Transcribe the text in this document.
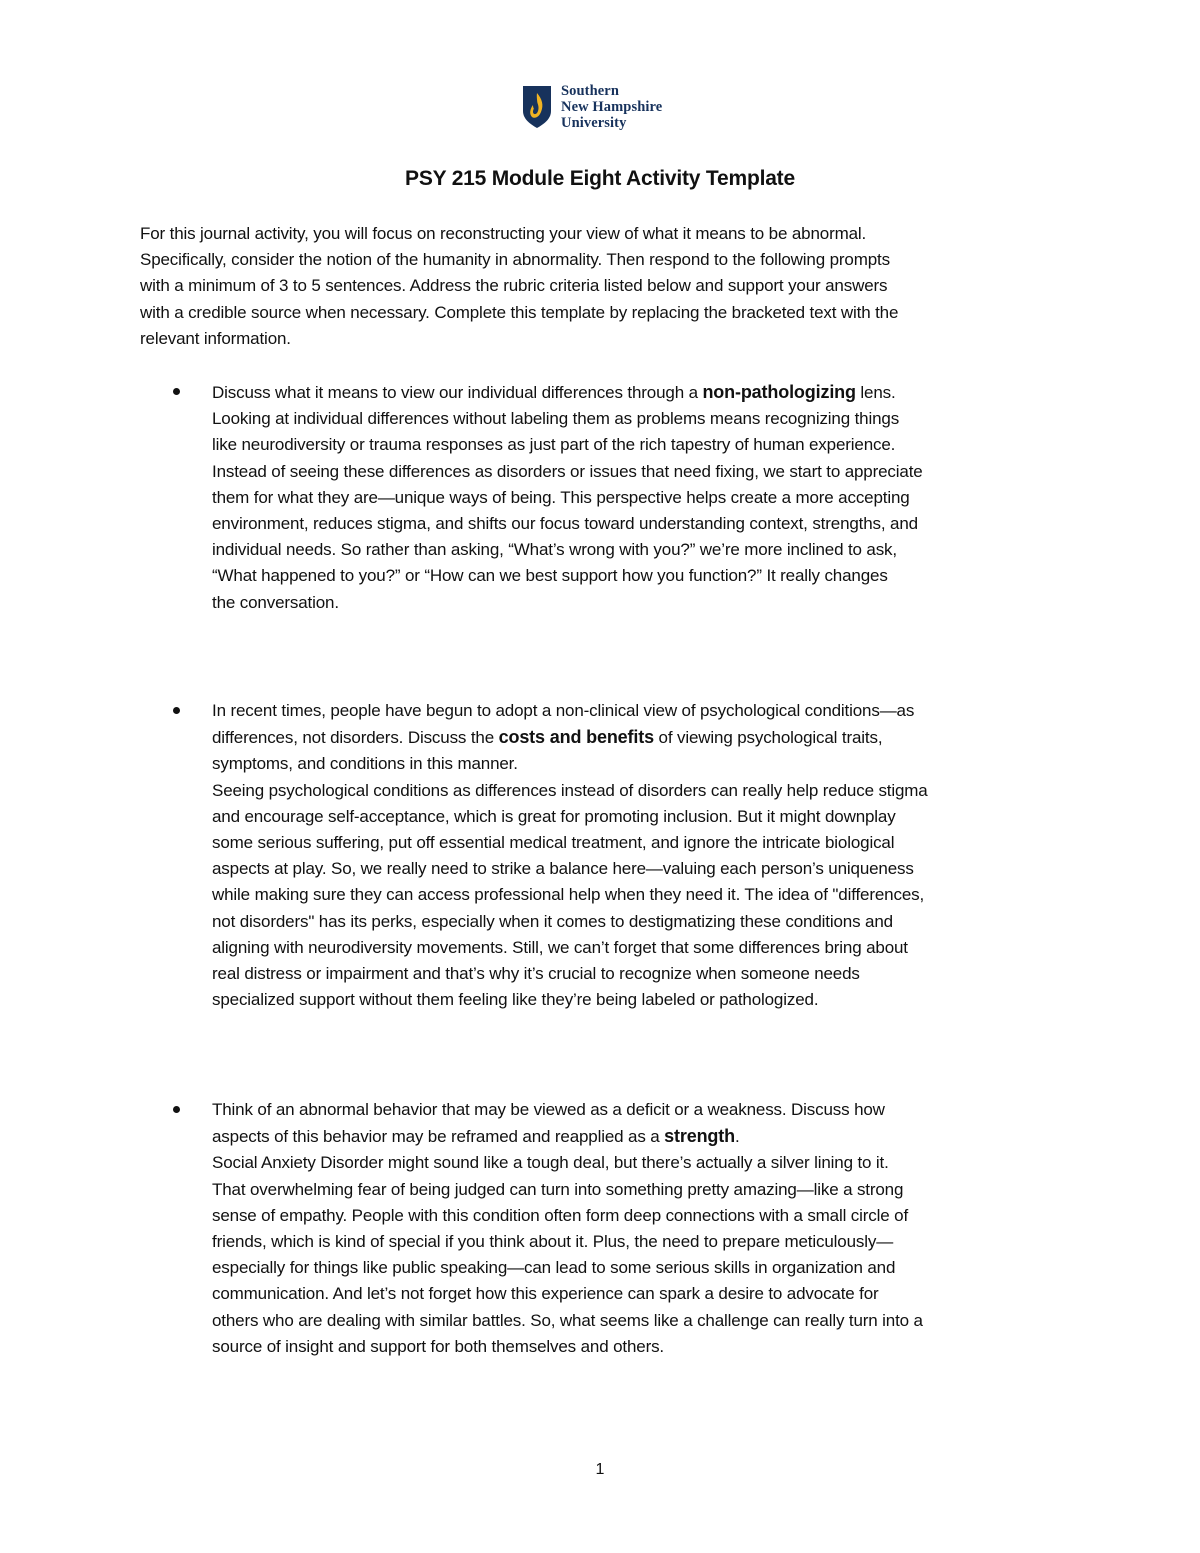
Southern
New Hampshire
University
PSY 215 Module Eight Activity Template
For this journal activity, you will focus on reconstructing your view of what it means to be abnormal.
Specifically, consider the notion of the humanity in abnormality. Then respond to the following prompts
with a minimum of 3 to 5 sentences. Address the rubric criteria listed below and support your answers
with a credible source when necessary. Complete this template by replacing the bracketed text with the
relevant information.
Discuss what it means to view our individual differences through a non-pathologizing lens.
Looking at individual differences without labeling them as problems means recognizing things
like neurodiversity or trauma responses as just part of the rich tapestry of human experience.
Instead of seeing these differences as disorders or issues that need fixing, we start to appreciate
them for what they are—unique ways of being. This perspective helps create a more accepting
environment, reduces stigma, and shifts our focus toward understanding context, strengths, and
individual needs. So rather than asking, “What’s wrong with you?” we’re more inclined to ask,
“What happened to you?” or “How can we best support how you function?” It really changes
the conversation.
In recent times, people have begun to adopt a non-clinical view of psychological conditions—as
differences, not disorders. Discuss the costs and benefits of viewing psychological traits,
symptoms, and conditions in this manner.
Seeing psychological conditions as differences instead of disorders can really help reduce stigma
and encourage self-acceptance, which is great for promoting inclusion. But it might downplay
some serious suffering, put off essential medical treatment, and ignore the intricate biological
aspects at play. So, we really need to strike a balance here—valuing each person’s uniqueness
while making sure they can access professional help when they need it. The idea of "differences,
not disorders" has its perks, especially when it comes to destigmatizing these conditions and
aligning with neurodiversity movements. Still, we can’t forget that some differences bring about
real distress or impairment and that’s why it’s crucial to recognize when someone needs
specialized support without them feeling like they’re being labeled or pathologized.
Think of an abnormal behavior that may be viewed as a deficit or a weakness. Discuss how
aspects of this behavior may be reframed and reapplied as a strength.
Social Anxiety Disorder might sound like a tough deal, but there’s actually a silver lining to it.
That overwhelming fear of being judged can turn into something pretty amazing—like a strong
sense of empathy. People with this condition often form deep connections with a small circle of
friends, which is kind of special if you think about it. Plus, the need to prepare meticulously—
especially for things like public speaking—can lead to some serious skills in organization and
communication. And let’s not forget how this experience can spark a desire to advocate for
others who are dealing with similar battles. So, what seems like a challenge can really turn into a
source of insight and support for both themselves and others.
1
